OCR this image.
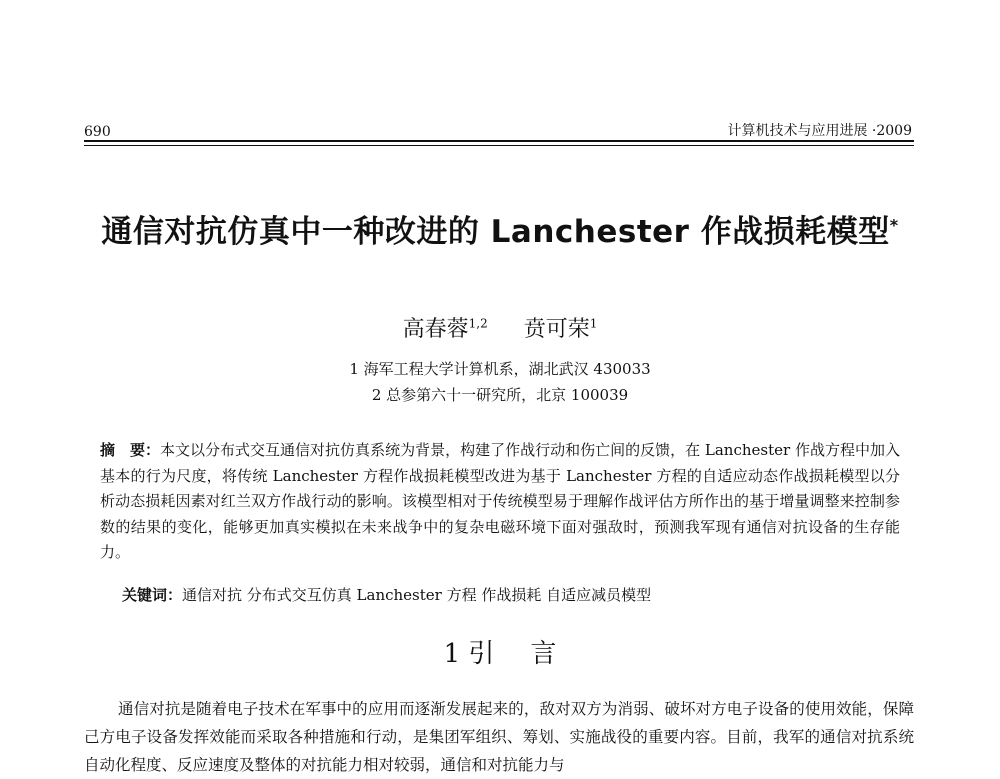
690	计算机技术与应用进展 ·2009
通信对抗仿真中一种改进的 Lanchester 作战损耗模型*
高春蓉$^{1,2}$ 贲可荣$^1$
1 海军工程大学计算机系，湖北武汉 430033
2 总参第六十一研究所，北京 100039
摘　要：本文以分布式交互通信对抗仿真系统为背景，构建了作战行动和伤亡间的反馈，在 Lanchester 作战方程中加入基本的行为尺度，将传统 Lanchester 方程作战损耗模型改进为基于 Lanchester 方程的自适应动态作战损耗模型以分析动态损耗因素对红兰双方作战行动的影响。该模型相对于传统模型易于理解作战评估方所作出的基于增量调整来控制参数的结果的变化，能够更加真实模拟在未来战争中的复杂电磁环境下面对强敌时，预测我军现有通信对抗设备的生存能力。
关键词：通信对抗 分布式交互仿真 Lanchester 方程 作战损耗 自适应减员模型
1 引 言
通信对抗是随着电子技术在军事中的应用而逐渐发展起来的，敌对双方为消弱、破坏对方电子设备的使用效能，保障己方电子设备发挥效能而采取各种措施和行动，是集团军组织、筹划、实施战役的重要内容。目前，我军的通信对抗系统自动化程度、反应速度及整体的对抗能力相对较弱，通信和对抗能力与
